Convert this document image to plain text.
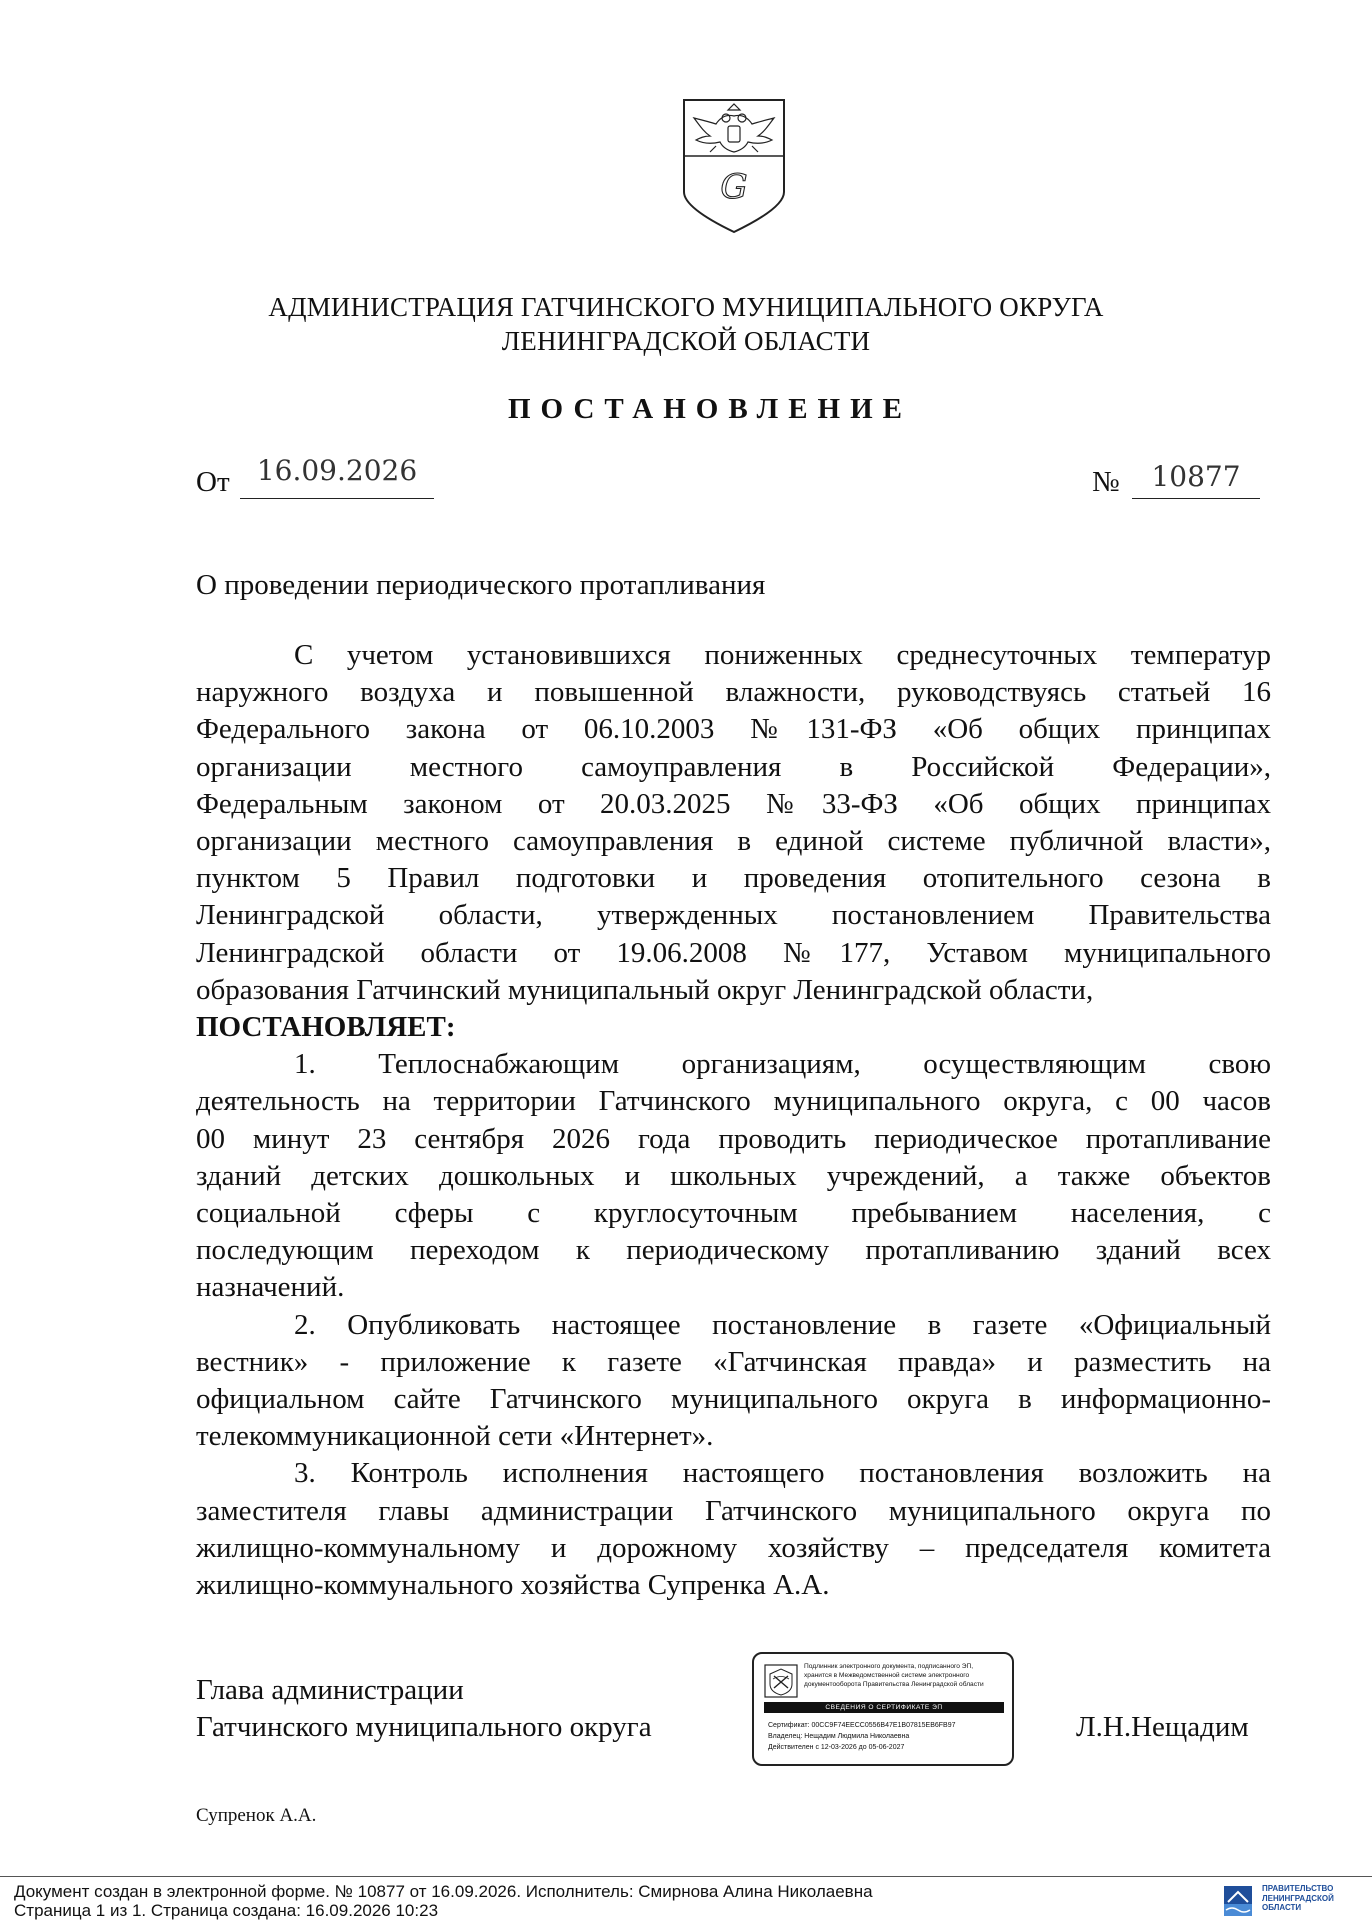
G
АДМИНИСТРАЦИЯ ГАТЧИНСКОГО МУНИЦИПАЛЬНОГО ОКРУГА
ЛЕНИНГРАДСКОЙ ОБЛАСТИ
ПОСТАНОВЛЕНИЕ
От 16.09.2026	№	10877
О проведении периодического протапливания
С учетом установившихся пониженных среднесуточных температур
наружного воздуха и повышенной влажности, руководствуясь статьей 16
Федерального закона от 06.10.2003 №131-ФЗ «Об общих принципах
организации местного самоуправления в Российской Федерации»,
Федеральным законом от 20.03.2025 №33-ФЗ «Об общих принципах
организации местного самоуправления в единой системе публичной власти»,
пунктом 5 Правил подготовки и проведения отопительного сезона в
Ленинградской области, утвержденных постановлением Правительства
Ленинградской области от 19.06.2008 №177, Уставом муниципального
образования Гатчинский муниципальный округ Ленинградской области,
ПОСТАНОВЛЯЕТ:
1. Теплоснабжающим организациям, осуществляющим свою
деятельность на территории Гатчинского муниципального округа, с 00 часов
00 минут 23 сентября 2026 года проводить периодическое протапливание
зданий детских дошкольных и школьных учреждений, а также объектов
социальной сферы с круглосуточным пребыванием населения, с
последующим переходом к периодическому протапливанию зданий всех
назначений.
2. Опубликовать настоящее постановление в газете «Официальный
вестник» - приложение к газете «Гатчинская правда» и разместить на
официальном сайте Гатчинского муниципального округа в информационно-
телекоммуникационной сети «Интернет».
3. Контроль исполнения настоящего постановления возложить на
заместителя главы администрации Гатчинского муниципального округа по
жилищно-коммунальному и дорожному хозяйству – председателя комитета
жилищно-коммунального хозяйства Супренка А.А.
Глава администрации
Гатчинского муниципального округа	Л.Н.Нещадим
Подлинник электронного документа, подписанного ЭП,
хранится в Межведомственной системе электронного
документооборота Правительства Ленинградской области
СВЕДЕНИЯ О СЕРТИФИКАТЕ ЭП
Сертификат: 00CC9F74EECC0556B47E1B07815EB6FB97
Владелец: Нещадим Людмила Николаевна
Действителен с 12-03-2026 до 05-06-2027
Супренок А.А.
Документ создан в электронной форме. № 10877 от 16.09.2026. Исполнитель: Смирнова Алина Николаевна
Страница 1 из 1. Страница создана: 16.09.2026 10:23
ПРАВИТЕЛЬСТВО
ЛЕНИНГРАДСКОЙ
ОБЛАСТИ
